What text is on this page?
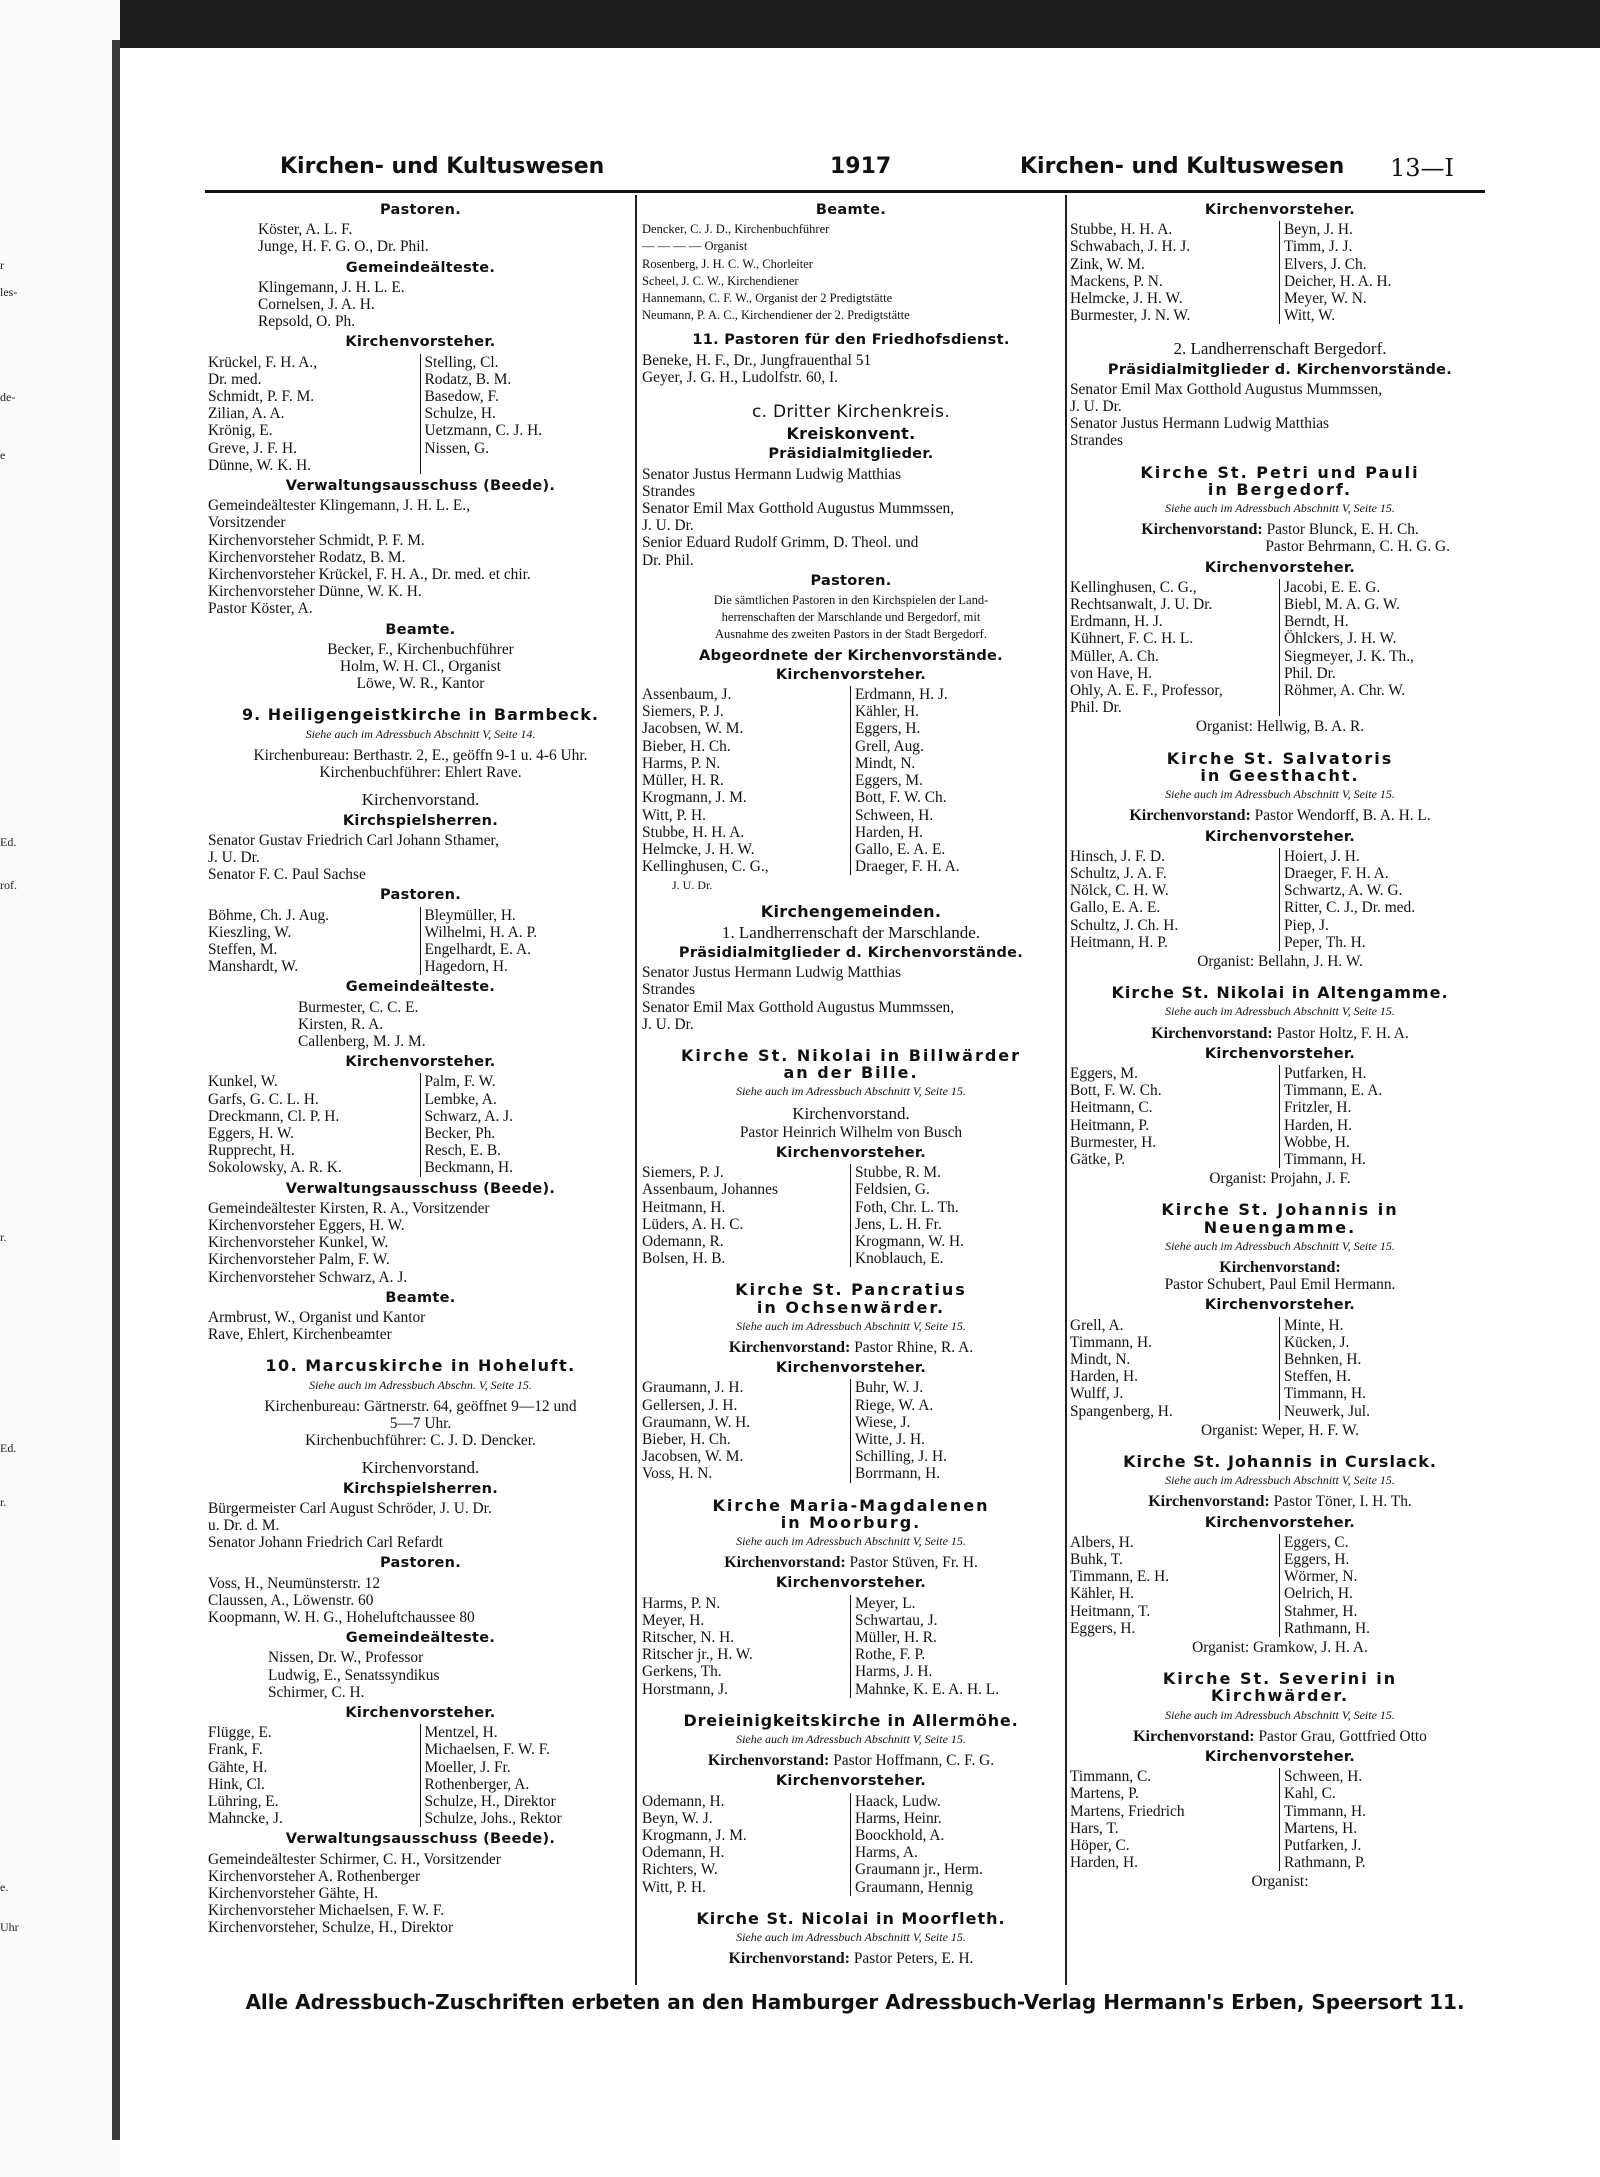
r
les-
de-
e
Ed.
rof.
r.
Ed.
r.
e.
Uhr
Kirchen- und Kultuswesen	1917	Kirchen- und Kultuswesen 13—I
Pastoren.
Köster, A. L. F.
Junge, H. F. G. O., Dr. Phil.
Gemeindeälteste.
Klingemann, J. H. L. E.
Cornelsen, J. A. H.
Repsold, O. Ph.
Kirchenvorsteher.
Krückel, F. H. A.,	Stelling, Cl.
Dr. med.	Rodatz, B. M.
Schmidt, P. F. M.	Basedow, F.
Zilian, A. A.	Schulze, H.
Krönig, E.	Uetzmann, C. J. H.
Greve, J. F. H.	Nissen, G.
Dünne, W. K. H.
Verwaltungsausschuss (Beede).
Gemeindeältester Klingemann, J. H. L. E.,
Vorsitzender
Kirchenvorsteher Schmidt, P. F. M.
Kirchenvorsteher Rodatz, B. M.
Kirchenvorsteher Krückel, F. H. A., Dr. med. et chir.
Kirchenvorsteher Dünne, W. K. H.
Pastor Köster, A.
Beamte.
Becker, F., Kirchenbuchführer
Holm, W. H. Cl., Organist
Löwe, W. R., Kantor
9. Heiligengeistkirche in Barmbeck.
Siehe auch im Adressbuch Abschnitt V, Seite 14.
Kirchenbureau: Berthastr. 2, E., geöffn 9-1 u. 4-6 Uhr.
Kirchenbuchführer: Ehlert Rave.
Kirchenvorstand.
Kirchspielsherren.
Senator Gustav Friedrich Carl Johann Sthamer,
J. U. Dr.
Senator F. C. Paul Sachse
Pastoren.
Böhme, Ch. J. Aug.	Bleymüller, H.
Kieszling, W.	Wilhelmi, H. A. P.
Steffen, M.	Engelhardt, E. A.
Manshardt, W.	Hagedorn, H.
Gemeindeälteste.
Burmester, C. C. E.
Kirsten, R. A.
Callenberg, M. J. M.
Kirchenvorsteher.
Kunkel, W.	Palm, F. W.
Garfs, G. C. L. H.	Lembke, A.
Dreckmann, Cl. P. H.	Schwarz, A. J.
Eggers, H. W.	Becker, Ph.
Rupprecht, H.	Resch, E. B.
Sokolowsky, A. R. K.	Beckmann, H.
Verwaltungsausschuss (Beede).
Gemeindeältester Kirsten, R. A., Vorsitzender
Kirchenvorsteher Eggers, H. W.
Kirchenvorsteher Kunkel, W.
Kirchenvorsteher Palm, F. W.
Kirchenvorsteher Schwarz, A. J.
Beamte.
Armbrust, W., Organist und Kantor
Rave, Ehlert, Kirchenbeamter
10. Marcuskirche in Hoheluft.
Siehe auch im Adressbuch Abschn. V, Seite 15.
Kirchenbureau: Gärtnerstr. 64, geöffnet 9—12 und
5—7 Uhr.
Kirchenbuchführer: C. J. D. Dencker.
Kirchenvorstand.
Kirchspielsherren.
Bürgermeister Carl August Schröder, J. U. Dr.
u. Dr. d. M.
Senator Johann Friedrich Carl Refardt
Pastoren.
Voss, H., Neumünsterstr. 12
Claussen, A., Löwenstr. 60
Koopmann, W. H. G., Hoheluftchaussee 80
Gemeindeälteste.
Nissen, Dr. W., Professor
Ludwig, E., Senatssyndikus
Schirmer, C. H.
Kirchenvorsteher.
Flügge, E.	Mentzel, H.
Frank, F.	Michaelsen, F. W. F.
Gähte, H.	Moeller, J. Fr.
Hink, Cl.	Rothenberger, A.
Lühring, E.	Schulze, H., Direktor
Mahncke, J.	Schulze, Johs., Rektor
Verwaltungsausschuss (Beede).
Gemeindeältester Schirmer, C. H., Vorsitzender
Kirchenvorsteher A. Rothenberger
Kirchenvorsteher Gähte, H.
Kirchenvorsteher Michaelsen, F. W. F.
Kirchenvorsteher, Schulze, H., Direktor
Beamte.
Dencker, C. J. D., Kirchenbuchführer
— — — — Organist
Rosenberg, J. H. C. W., Chorleiter
Scheel, J. C. W., Kirchendiener
Hannemann, C. F. W., Organist der 2 Predigtstätte
Neumann, P. A. C., Kirchendiener der 2. Predigtstätte
11. Pastoren für den Friedhofsdienst.
Beneke, H. F., Dr., Jungfrauenthal 51
Geyer, J. G. H., Ludolfstr. 60, I.
c. Dritter Kirchenkreis.
Kreiskonvent.
Präsidialmitglieder.
Senator Justus Hermann Ludwig Matthias
Strandes
Senator Emil Max Gotthold Augustus Mummssen,
J. U. Dr.
Senior Eduard Rudolf Grimm, D. Theol. und
Dr. Phil.
Pastoren.
Die sämtlichen Pastoren in den Kirchspielen der Land-
herrenschaften der Marschlande und Bergedorf, mit
Ausnahme des zweiten Pastors in der Stadt Bergedorf.
Abgeordnete der Kirchenvorstände.
Kirchenvorsteher.
Assenbaum, J.	Erdmann, H. J.
Siemers, P. J.	Kähler, H.
Jacobsen, W. M.	Eggers, H.
Bieber, H. Ch.	Grell, Aug.
Harms, P. N.	Mindt, N.
Müller, H. R.	Eggers, M.
Krogmann, J. M.	Bott, F. W. Ch.
Witt, P. H.	Schween, H.
Stubbe, H. H. A.	Harden, H.
Helmcke, J. H. W.	Gallo, E. A. E.
Kellinghusen, C. G.,	Draeger, F. H. A.
J. U. Dr.
Kirchengemeinden.
1. Landherrenschaft der Marschlande.
Präsidialmitglieder d. Kirchenvorstände.
Senator Justus Hermann Ludwig Matthias
Strandes
Senator Emil Max Gotthold Augustus Mummssen,
J. U. Dr.
Kirche St. Nikolai in Billwärder
an der Bille.
Siehe auch im Adressbuch Abschnitt V, Seite 15.
Kirchenvorstand.
Pastor Heinrich Wilhelm von Busch
Kirchenvorsteher.
Siemers, P. J.	Stubbe, R. M.
Assenbaum, Johannes	Feldsien, G.
Heitmann, H.	Foth, Chr. L. Th.
Lüders, A. H. C.	Jens, L. H. Fr.
Odemann, R.	Krogmann, W. H.
Bolsen, H. B.	Knoblauch, E.
Kirche St. Pancratius
in Ochsenwärder.
Siehe auch im Adressbuch Abschnitt V, Seite 15.
Kirchenvorstand: Pastor Rhine, R. A.
Kirchenvorsteher.
Graumann, J. H.	Buhr, W. J.
Gellersen, J. H.	Riege, W. A.
Graumann, W. H.	Wiese, J.
Bieber, H. Ch.	Witte, J. H.
Jacobsen, W. M.	Schilling, J. H.
Voss, H. N.	Borrmann, H.
Kirche Maria-Magdalenen
in Moorburg.
Siehe auch im Adressbuch Abschnitt V, Seite 15.
Kirchenvorstand: Pastor Stüven, Fr. H.
Kirchenvorsteher.
Harms, P. N.	Meyer, L.
Meyer, H.	Schwartau, J.
Ritscher, N. H.	Müller, H. R.
Ritscher jr., H. W.	Rothe, F. P.
Gerkens, Th.	Harms, J. H.
Horstmann, J.	Mahnke, K. E. A. H. L.
Dreieinigkeitskirche in Allermöhe.
Siehe auch im Adressbuch Abschnitt V, Seite 15.
Kirchenvorstand: Pastor Hoffmann, C. F. G.
Kirchenvorsteher.
Odemann, H.	Haack, Ludw.
Beyn, W. J.	Harms, Heinr.
Krogmann, J. M.	Boockhold, A.
Odemann, H.	Harms, A.
Richters, W.	Graumann jr., Herm.
Witt, P. H.	Graumann, Hennig
Kirche St. Nicolai in Moorfleth.
Siehe auch im Adressbuch Abschnitt V, Seite 15.
Kirchenvorstand: Pastor Peters, E. H.
Kirchenvorsteher.
Stubbe, H. H. A.	Beyn, J. H.
Schwabach, J. H. J.	Timm, J. J.
Zink, W. M.	Elvers, J. Ch.
Mackens, P. N.	Deicher, H. A. H.
Helmcke, J. H. W.	Meyer, W. N.
Burmester, J. N. W.	Witt, W.
2. Landherrenschaft Bergedorf.
Präsidialmitglieder d. Kirchenvorstände.
Senator Emil Max Gotthold Augustus Mummssen,
J. U. Dr.
Senator Justus Hermann Ludwig Matthias
Strandes
Kirche St. Petri und Pauli
in Bergedorf.
Siehe auch im Adressbuch Abschnitt V, Seite 15.
Kirchenvorstand: Pastor Blunck, E. H. Ch.
Pastor Behrmann, C. H. G. G.
Kirchenvorsteher.
Kellinghusen, C. G.,	Jacobi, E. E. G.
Rechtsanwalt, J. U. Dr.	Biebl, M. A. G. W.
Erdmann, H. J.	Berndt, H.
Kühnert, F. C. H. L.	Öhlckers, J. H. W.
Müller, A. Ch.	Siegmeyer, J. K. Th.,
von Have, H.	Phil. Dr.
Ohly, A. E. F., Professor,	Röhmer, A. Chr. W.
Phil. Dr.
Organist: Hellwig, B. A. R.
Kirche St. Salvatoris
in Geesthacht.
Siehe auch im Adressbuch Abschnitt V, Seite 15.
Kirchenvorstand: Pastor Wendorff, B. A. H. L.
Kirchenvorsteher.
Hinsch, J. F. D.	Hoiert, J. H.
Schultz, J. A. F.	Draeger, F. H. A.
Nölck, C. H. W.	Schwartz, A. W. G.
Gallo, E. A. E.	Ritter, C. J., Dr. med.
Schultz, J. Ch. H.	Piep, J.
Heitmann, H. P.	Peper, Th. H.
Organist: Bellahn, J. H. W.
Kirche St. Nikolai in Altengamme.
Siehe auch im Adressbuch Abschnitt V, Seite 15.
Kirchenvorstand: Pastor Holtz, F. H. A.
Kirchenvorsteher.
Eggers, M.	Putfarken, H.
Bott, F. W. Ch.	Timmann, E. A.
Heitmann, C.	Fritzler, H.
Heitmann, P.	Harden, H.
Burmester, H.	Wobbe, H.
Gätke, P.	Timmann, H.
Organist: Projahn, J. F.
Kirche St. Johannis in
Neuengamme.
Siehe auch im Adressbuch Abschnitt V, Seite 15.
Kirchenvorstand:
Pastor Schubert, Paul Emil Hermann.
Kirchenvorsteher.
Grell, A.	Minte, H.
Timmann, H.	Kücken, J.
Mindt, N.	Behnken, H.
Harden, H.	Steffen, H.
Wulff, J.	Timmann, H.
Spangenberg, H.	Neuwerk, Jul.
Organist: Weper, H. F. W.
Kirche St. Johannis in Curslack.
Siehe auch im Adressbuch Abschnitt V, Seite 15.
Kirchenvorstand: Pastor Töner, I. H. Th.
Kirchenvorsteher.
Albers, H.	Eggers, C.
Buhk, T.	Eggers, H.
Timmann, E. H.	Wörmer, N.
Kähler, H.	Oelrich, H.
Heitmann, T.	Stahmer, H.
Eggers, H.	Rathmann, H.
Organist: Gramkow, J. H. A.
Kirche St. Severini in
Kirchwärder.
Siehe auch im Adressbuch Abschnitt V, Seite 15.
Kirchenvorstand: Pastor Grau, Gottfried Otto
Kirchenvorsteher.
Timmann, C.	Schween, H.
Martens, P.	Kahl, C.
Martens, Friedrich	Timmann, H.
Hars, T.	Martens, H.
Höper, C.	Putfarken, J.
Harden, H.	Rathmann, P.
Organist:
Alle Adressbuch-Zuschriften erbeten an den Hamburger Adressbuch-Verlag Hermann's Erben, Speersort 11.
